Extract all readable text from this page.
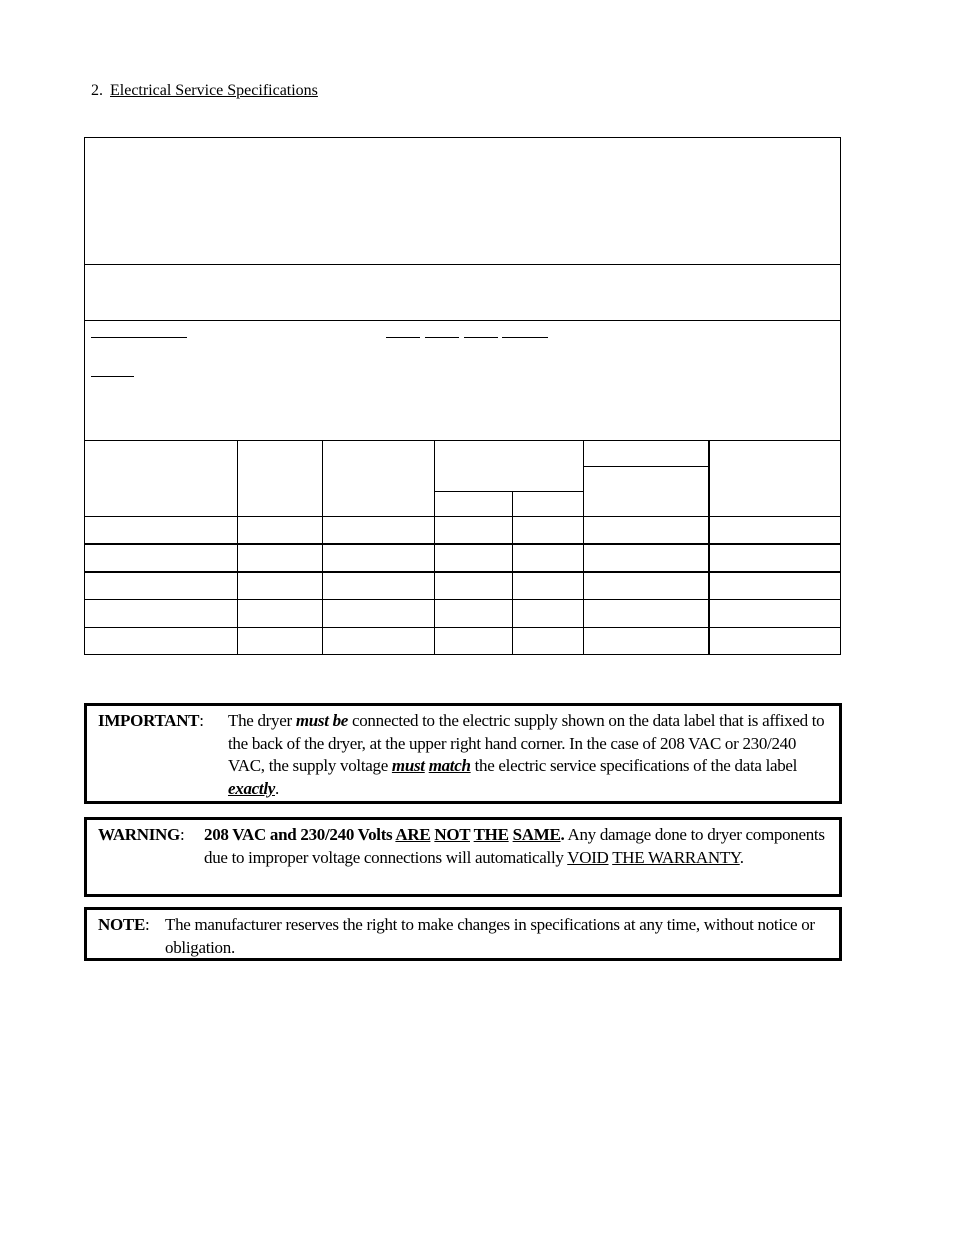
2. Electrical Service Specifications
IMPORTANT: The dryer must be connected to the electric supply shown on the data label that is affixed to the back of the dryer, at the upper right hand corner. In the case of 208 VAC or 230/240 VAC, the supply voltage must match the electric service specifications of the data label exactly.
WARNING: 208 VAC and 230/240 Volts ARE NOT THE SAME. Any damage done to dryer components due to improper voltage connections will automatically VOID THE WARRANTY.
NOTE: The manufacturer reserves the right to make changes in specifications at any time, without notice or obligation.
